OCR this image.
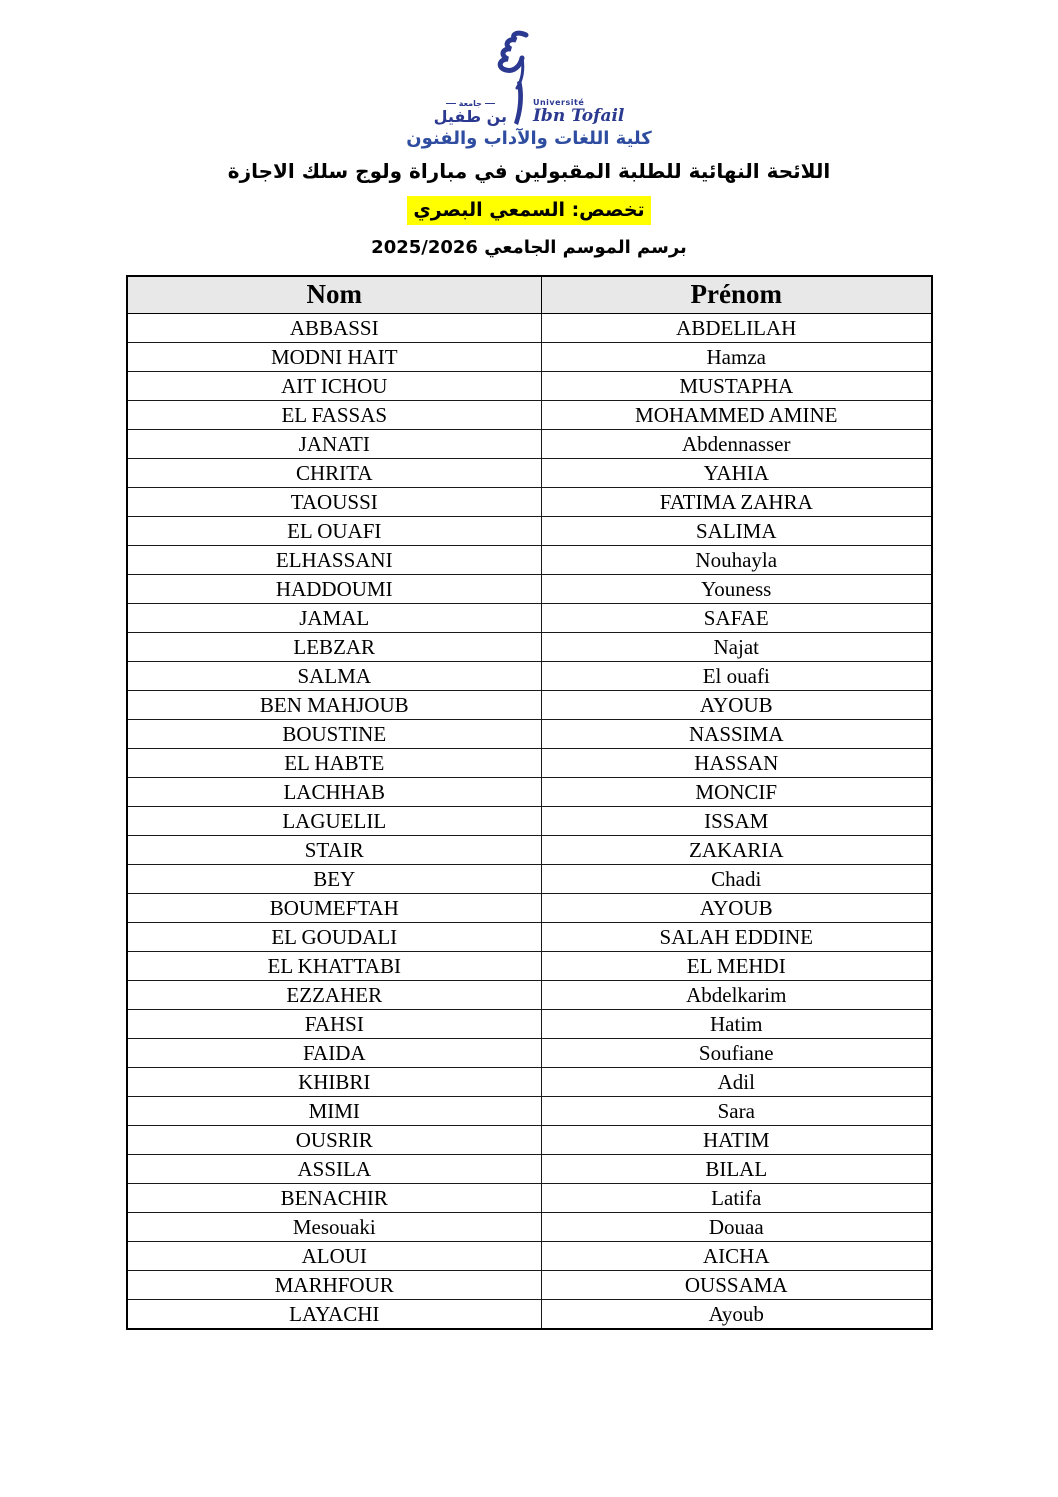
جامعة
بن طفيل
Université
Ibn Tofail
كلية اللغات والآداب والفنون
اللائحة النهائية للطلبة المقبولين في مباراة ولوج سلك الاجازة
تخصص: السمعي البصري
برسم الموسم الجامعي 2025/2026
Nom	Prénom
ABBASSI	ABDELILAH
MODNI HAIT	Hamza
AIT ICHOU	MUSTAPHA
EL FASSAS	MOHAMMED AMINE
JANATI	Abdennasser
CHRITA	YAHIA
TAOUSSI	FATIMA ZAHRA
EL OUAFI	SALIMA
ELHASSANI	Nouhayla
HADDOUMI	Youness
JAMAL	SAFAE
LEBZAR	Najat
SALMA	El ouafi
BEN MAHJOUB	AYOUB
BOUSTINE	NASSIMA
EL HABTE	HASSAN
LACHHAB	MONCIF
LAGUELIL	ISSAM
STAIR	ZAKARIA
BEY	Chadi
BOUMEFTAH	AYOUB
EL GOUDALI	SALAH EDDINE
EL KHATTABI	EL MEHDI
EZZAHER	Abdelkarim
FAHSI	Hatim
FAIDA	Soufiane
KHIBRI	Adil
MIMI	Sara
OUSRIR	HATIM
ASSILA	BILAL
BENACHIR	Latifa
Mesouaki	Douaa
ALOUI	AICHA
MARHFOUR	OUSSAMA
LAYACHI	Ayoub
